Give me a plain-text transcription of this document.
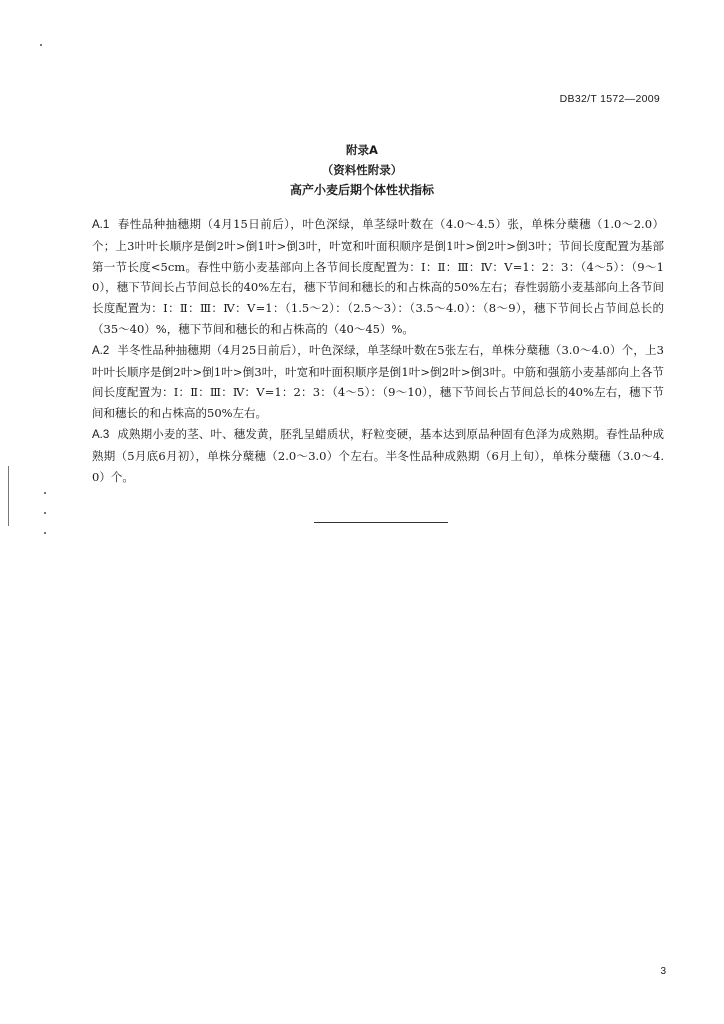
DB32/T 1572—2009
附录A
（资料性附录）
高产小麦后期个体性状指标

A.1 春性品种抽穗期（4月15日前后），叶色深绿，单茎绿叶数在（4.0～4.5）张，单株分蘖穗（1.0～2.0）个；上3叶叶长顺序是倒2叶>倒1叶>倒3叶，叶宽和叶面积顺序是倒1叶>倒2叶>倒3叶；节间长度配置为基部第一节长度<5cm。春性中筋小麦基部向上各节间长度配置为：Ⅰ：Ⅱ：Ⅲ：Ⅳ：Ⅴ=1：2：3：（4～5）：（9～10），穗下节间长占节间总长的40%左右，穗下节间和穗长的和占株高的50%左右；春性弱筋小麦基部向上各节间长度配置为：Ⅰ：Ⅱ：Ⅲ：Ⅳ：Ⅴ=1：（1.5～2）：（2.5～3）：（3.5～4.0）：（8～9），穗下节间长占节间总长的（35～40）%，穗下节间和穗长的和占株高的（40～45）%。

A.2 半冬性品种抽穗期（4月25日前后），叶色深绿，单茎绿叶数在5张左右，单株分蘖穗（3.0～4.0）个，上3叶叶长顺序是倒2叶>倒1叶>倒3叶，叶宽和叶面积顺序是倒1叶>倒2叶>倒3叶。中筋和强筋小麦基部向上各节间长度配置为：Ⅰ：Ⅱ：Ⅲ：Ⅳ：Ⅴ=1：2：3：（4～5）：（9～10），穗下节间长占节间总长的40%左右，穗下节间和穗长的和占株高的50%左右。

A.3 成熟期小麦的茎、叶、穗发黄，胚乳呈蜡质状，籽粒变硬，基本达到原品种固有色泽为成熟期。春性品种成熟期（5月底6月初），单株分蘖穗（2.0～3.0）个左右。半冬性品种成熟期（6月上旬），单株分蘖穗（3.0～4.0）个。

3
